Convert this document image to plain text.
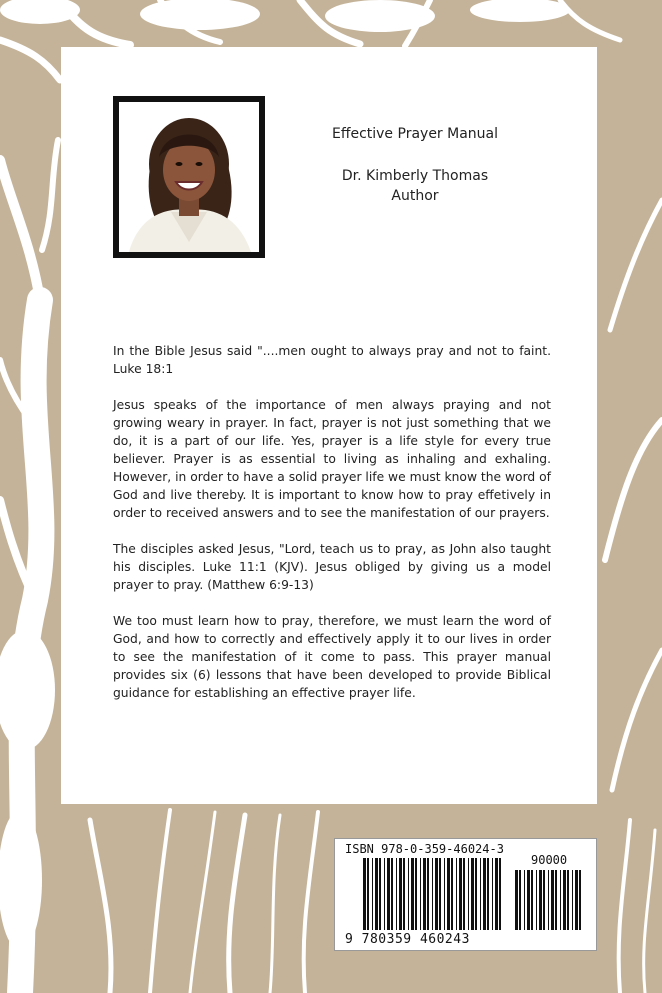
Effective Prayer Manual
Dr. Kimberly Thomas
Author

In the Bible Jesus said "....men ought to always pray and not to faint. Luke 18:1

Jesus speaks of the importance of men always praying and not growing weary in prayer. In fact, prayer is not just something that we do, it is a part of our life. Yes, prayer is a life style for every true believer. Prayer is as essential to living as inhaling and exhaling. However, in order to have a solid prayer life we must know the word of God and live thereby. It is important to know how to pray effetively in order to received answers and to see the manifestation of our prayers.

The disciples asked Jesus, "Lord, teach us to pray, as John also taught his disciples. Luke 11:1 (KJV). Jesus obliged by giving us a model prayer to pray. (Matthew 6:9-13)

We too must learn how to pray, therefore, we must learn the word of God, and how to correctly and effectively apply it to our lives in order to see the manifestation of it come to pass. This prayer manual provides six (6) lessons that have been developed to provide Biblical guidance for establishing an effective prayer life.

ISBN 978-0-359-46024-3
90000
9 780359 460243
